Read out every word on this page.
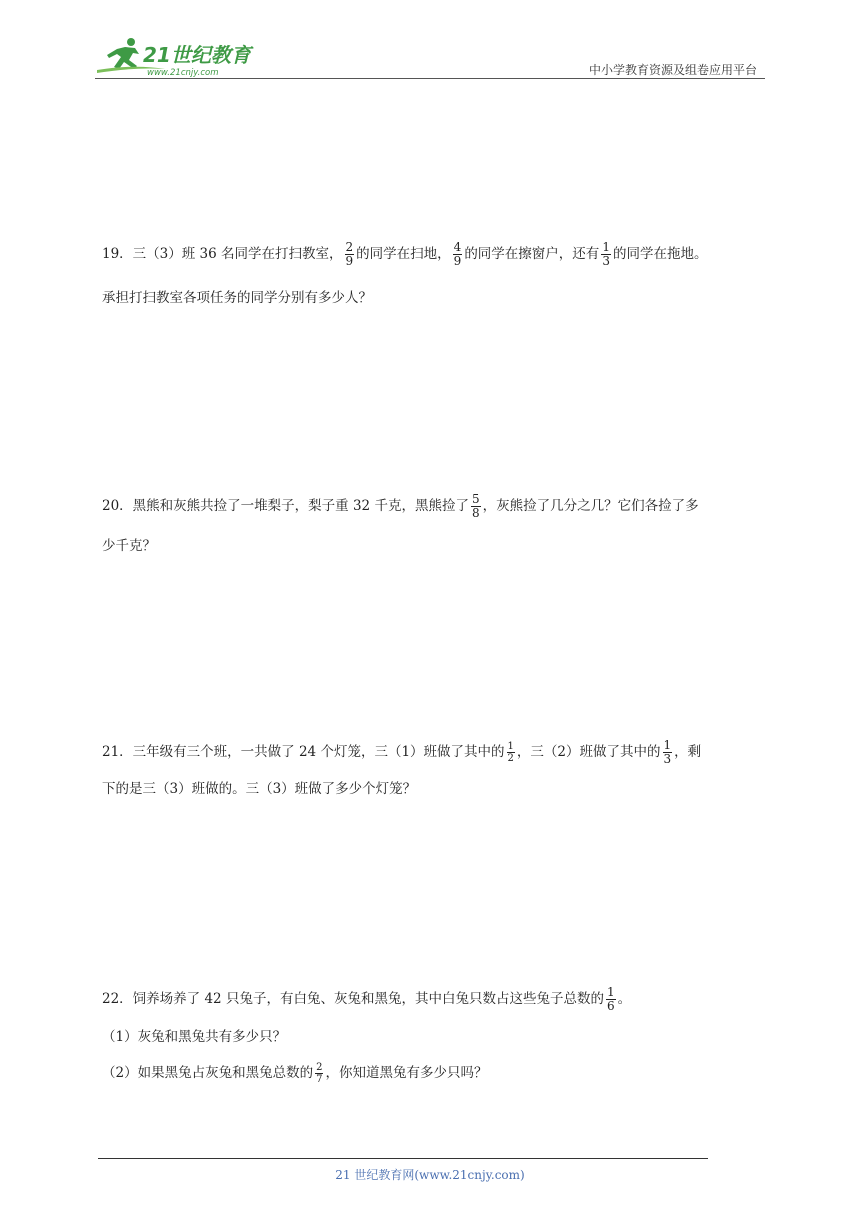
21世纪教育
www.21cnjy.com	中小学教育资源及组卷应用平台
19．三（3）班 36 名同学在打扫教室， $\frac{2}{9}$ 的同学在扫地， $\frac{4}{9}$ 的同学在擦窗户，还有 $\frac{1}{3}$ 的同学在拖地。
承担打扫教室各项任务的同学分别有多少人？
20．黑熊和灰熊共捡了一堆梨子，梨子重 32 千克，黑熊捡了 $\frac{5}{8}$ ，灰熊捡了几分之几？它们各捡了多
少千克？
21．三年级有三个班，一共做了 24 个灯笼，三（1）班做了其中的 $\frac{1}{2}$ ，三（2）班做了其中的 $\frac{1}{3}$ ，剩
下的是三（3）班做的。三（3）班做了多少个灯笼？
22．饲养场养了 42 只兔子，有白兔、灰兔和黑兔，其中白兔只数占这些兔子总数的 $\frac{1}{6}$ 。
（1）灰兔和黑兔共有多少只？
（2）如果黑兔占灰兔和黑兔总数的 $\frac{2}{7}$ ，你知道黑兔有多少只吗？
21 世纪教育网(www.21cnjy.com)
